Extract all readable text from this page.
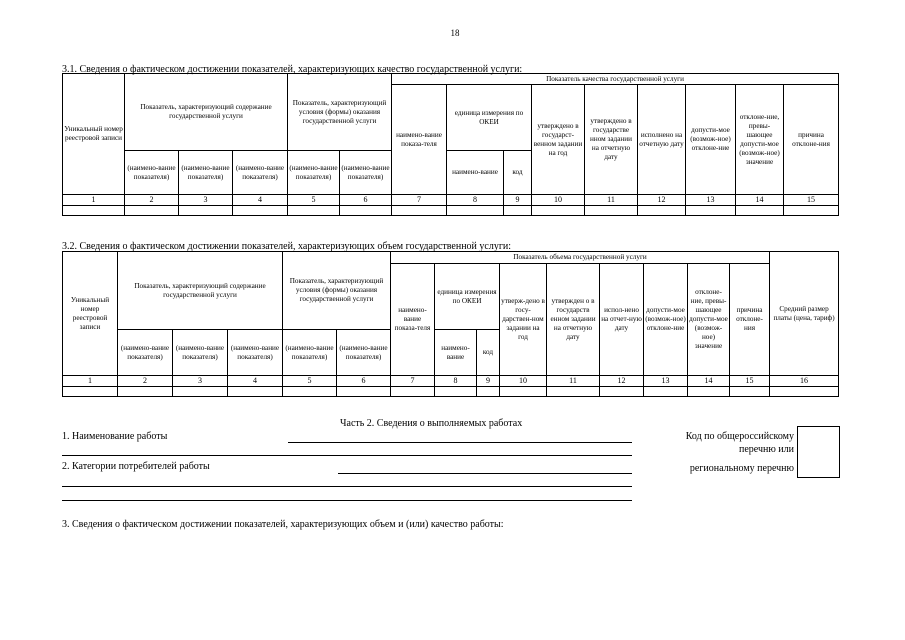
18
3.1. Сведения о фактическом достижении показателей, характеризующих качество государственной услуги:
Уникальный номер реестровой записи	Показатель, характеризующий содержание государственной услуги			Показатель, характеризующий условия (формы) оказания государственной услуги		Показатель качества государственной услуги								
						наимено-вание показа-теля	единица измерения по ОКЕИ		утверждено в государст-венном задании на год	утверждено в государстве нном задании на отчетную дату	исполнено на отчетную дату	допусти-мое (возмож-ное) отклоне-ние	отклоне-ние, превы-шающее допусти-мое (возмож-ное) значение	причина отклоне-ния
	(наимено-вание показателя)	(наимено-вание показателя)	(наимено-вание показателя)	(наимено-вание показателя)	(наимено-вание показателя)		наимено-вание	код						
1	2	3	4	5	6	7	8	9	10	11	12	13	14	15

3.2. Сведения о фактическом достижении показателей, характеризующих объем государственной услуги:
Уникальный номер реестровой записи	Показатель, характеризующий содержание государственной услуги			Показатель, характеризующий условия (формы) оказания государственной услуги		Показатель объема государственной услуги									Средний размер платы (цена, тариф)
						наимено-вание показа-теля	единица измерения по ОКЕИ		утверж-дено в госу-дарствен-ном задании на год	утвержден о в государств енном задании на отчетную дату	испол-нено на отчет-ную дату	допусти-мое (возмож-ное) отклоне-ние	отклоне-ние, превы-шающее допусти-мое (возмож-ное) значение	причина отклоне-ния	
	(наимено-вание показателя)	(наимено-вание показателя)	(наимено-вание показателя)	(наимено-вание показателя)	(наимено-вание показателя)		наимено-вание	код							
1	2	3	4	5	6	7	8	9	10	11	12	13	14	15	16

Часть 2. Сведения о выполняемых работах
1. Наименование работы
2. Категории потребителей работы
Код по общероссийскому
перечню или
региональному перечню
3. Сведения о фактическом достижении показателей, характеризующих объем и (или) качество работы:
